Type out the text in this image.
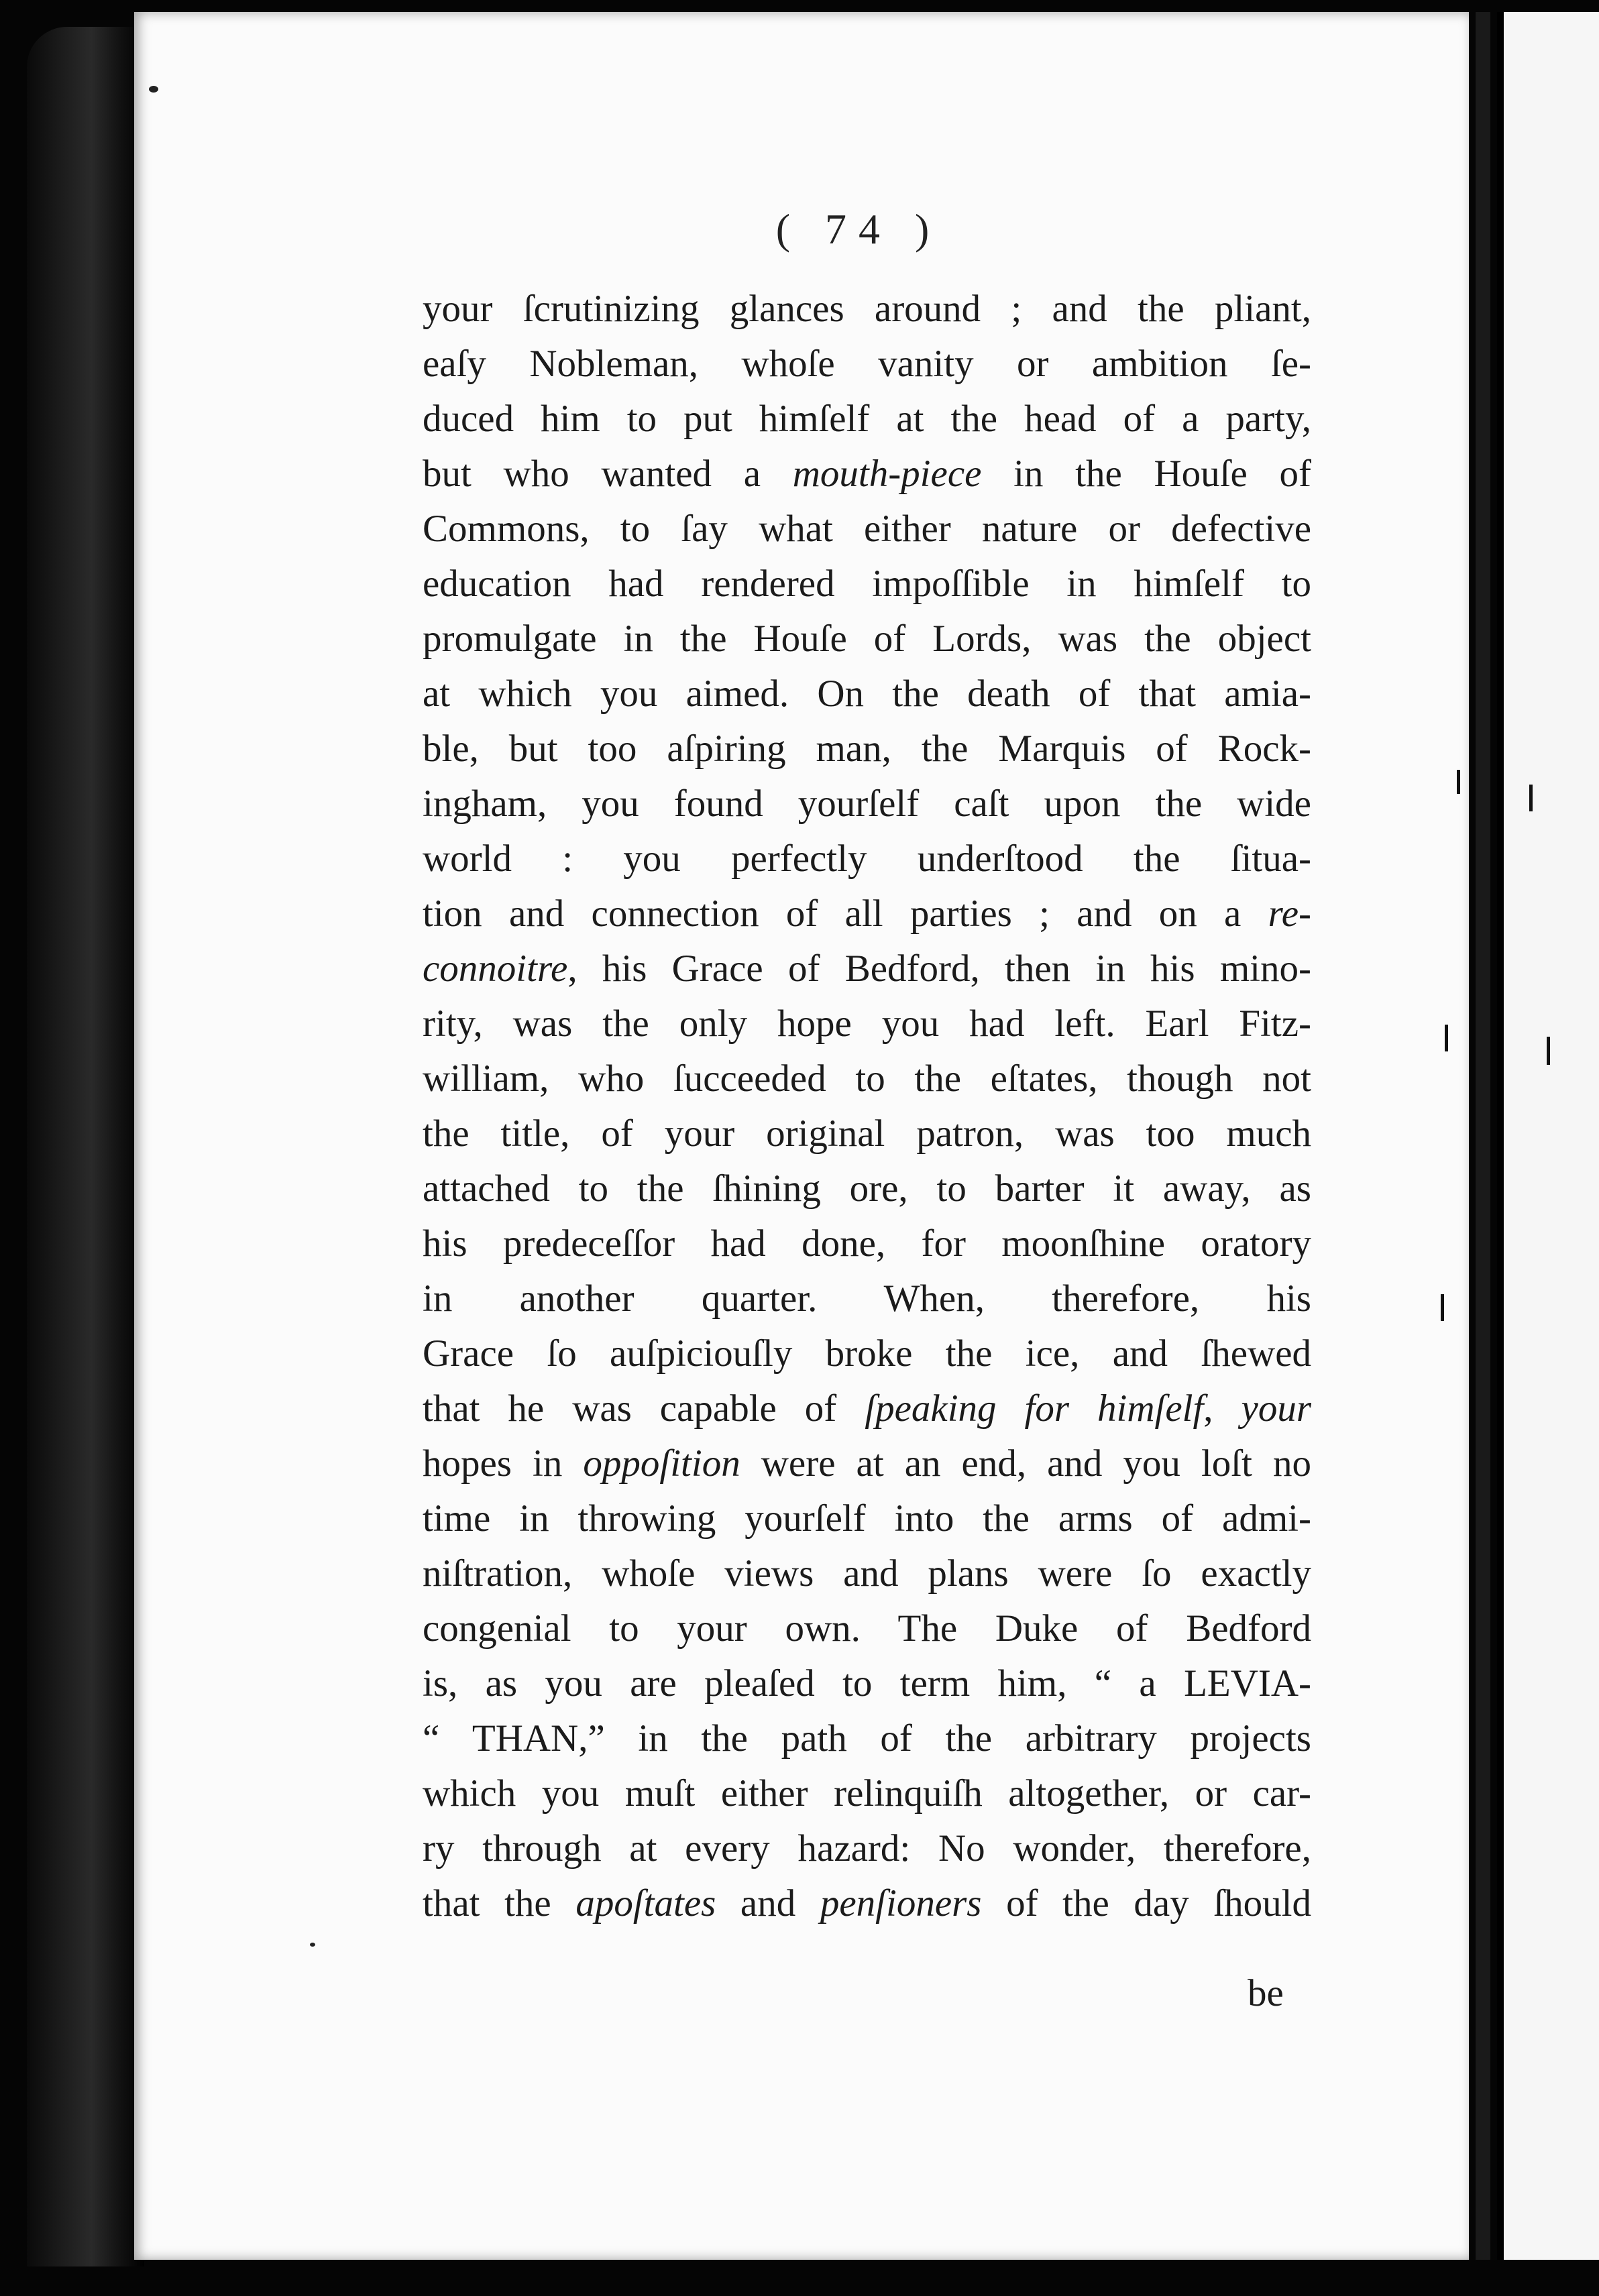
( 74 )
your ſcrutinizing glances around ; and the pliant,
eaſy Nobleman, whoſe vanity or ambition ſe-
duced him to put himſelf at the head of a party,
but who wanted a mouth-piece in the Houſe of
Commons, to ſay what either nature or defective
education had rendered impoſſible in himſelf to
promulgate in the Houſe of Lords, was the object
at which you aimed. On the death of that amia-
ble, but too aſpiring man, the Marquis of Rock-
ingham, you found yourſelf caſt upon the wide
world : you perfectly underſtood the ſitua-
tion and connection of all parties ; and on a re-
connoitre, his Grace of Bedford, then in his mino-
rity, was the only hope you had left. Earl Fitz-
william, who ſucceeded to the eſtates, though not
the title, of your original patron, was too much
attached to the ſhining ore, to barter it away, as
his predeceſſor had done, for moonſhine oratory
in another quarter. When, therefore, his
Grace ſo auſpiciouſly broke the ice, and ſhewed
that he was capable of ſpeaking for himſelf, your
hopes in oppoſition were at an end, and you loſt no
time in throwing yourſelf into the arms of admi-
niſtration, whoſe views and plans were ſo exactly
congenial to your own. The Duke of Bedford
is, as you are pleaſed to term him, “ a LEVIA-
“ THAN,” in the path of the arbitrary projects
which you muſt either relinquiſh altogether, or car-
ry through at every hazard: No wonder, therefore,
that the apoſtates and penſioners of the day ſhould
be
